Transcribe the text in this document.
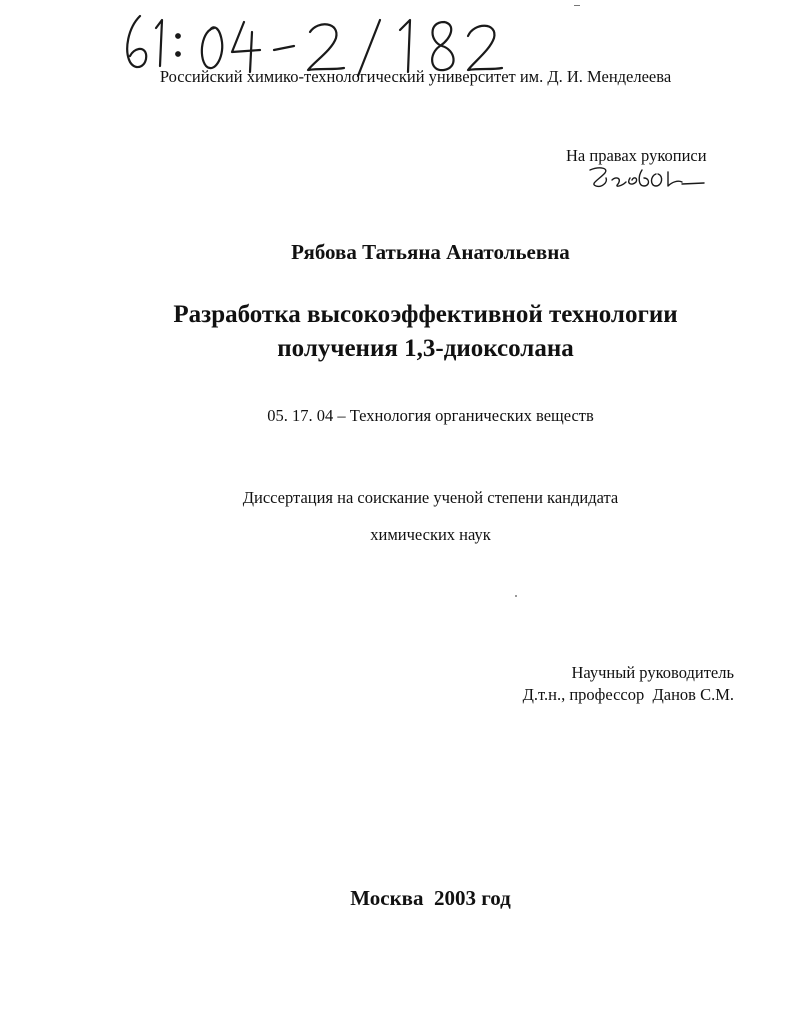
Российский химико-технологический университет им. Д. И. Менделеева
На правах рукописи
Рябова Татьяна Анатольевна
Разработка высокоэффективной технологии
получения 1,3-диоксолана
05. 17. 04 – Технология органических веществ
Диссертация на соискание ученой степени кандидата
химических наук
Научный руководитель
Д.т.н., профессор  Данов С.М.
Москва  2003 год
